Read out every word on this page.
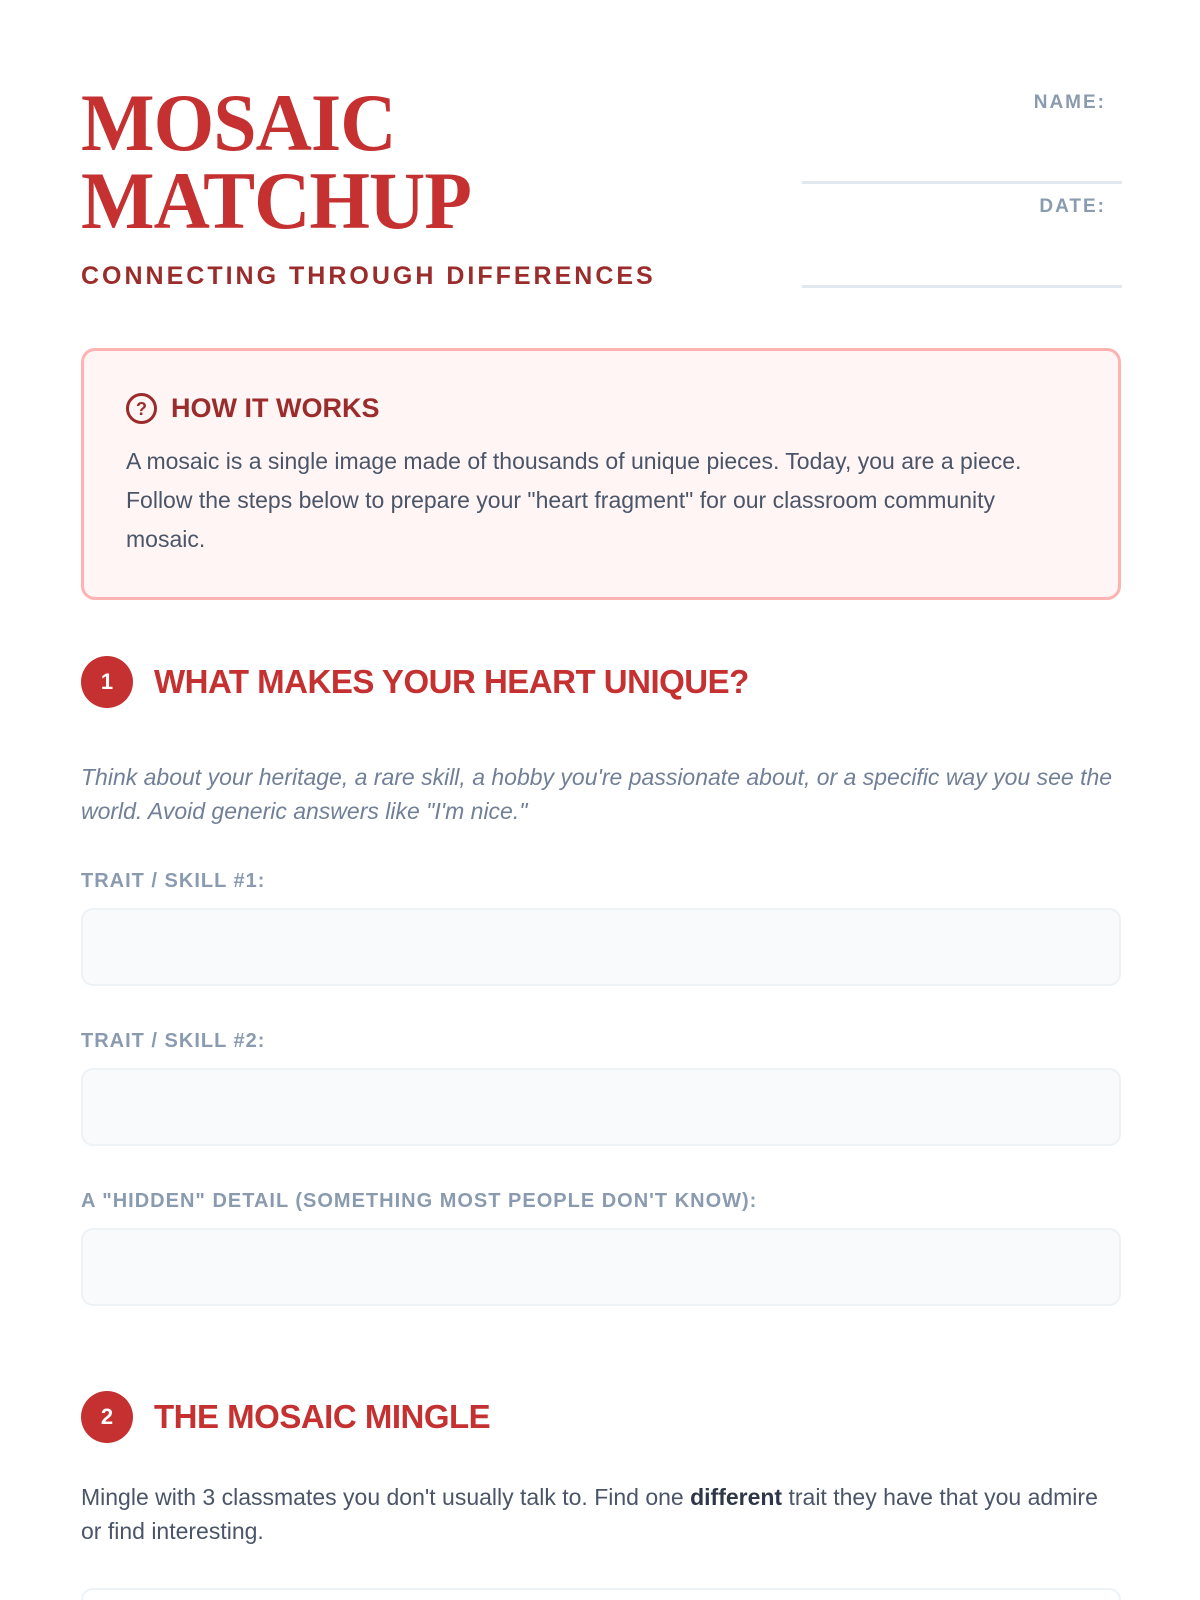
MOSAIC
MATCHUP
CONNECTING THROUGH DIFFERENCES
NAME:
DATE:
? HOW IT WORKS

A mosaic is a single image made of thousands of unique pieces. Today, you are a piece. Follow the steps below to prepare your "heart fragment" for our classroom community mosaic.

1	WHAT MAKES YOUR HEART UNIQUE?

Think about your heritage, a rare skill, a hobby you're passionate about, or a specific way you see the world. Avoid generic answers like "I'm nice."

TRAIT / SKILL #1:
TRAIT / SKILL #2:
A "HIDDEN" DETAIL (SOMETHING MOST PEOPLE DON'T KNOW):
2	THE MOSAIC MINGLE

Mingle with 3 classmates you don't usually talk to. Find one different trait they have that you admire or find interesting.
